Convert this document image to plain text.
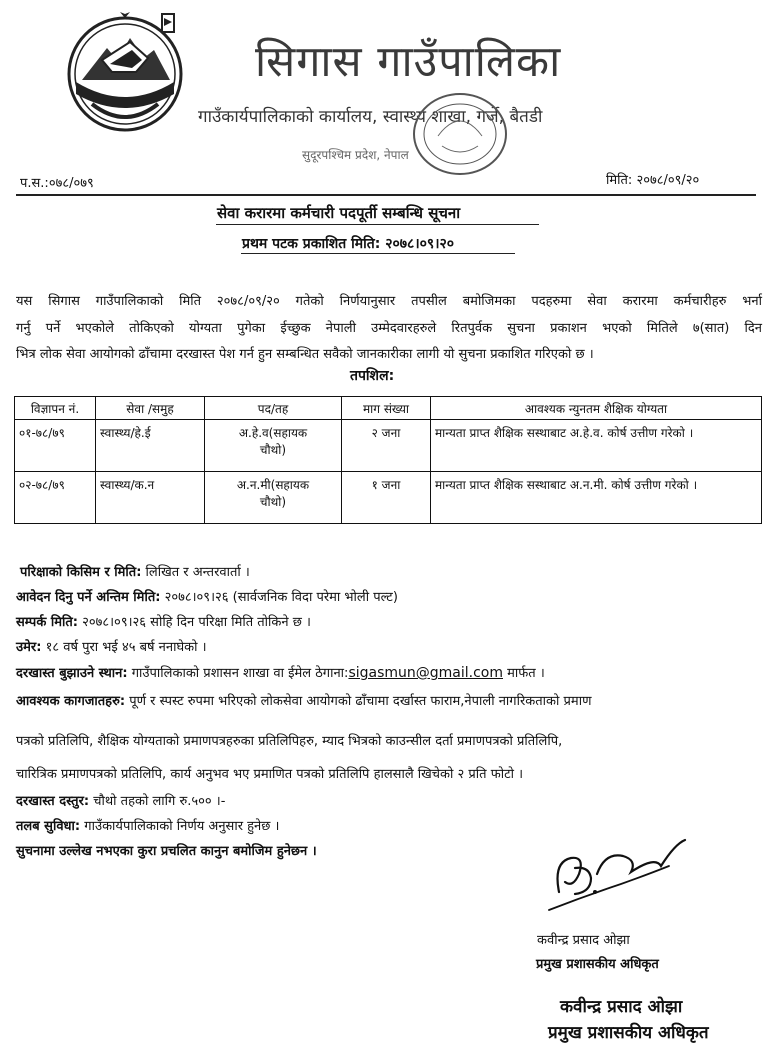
सिगास गाउँपालिका
गाउँकार्यपालिकाको कार्यालय, स्वास्थ्य शाखा, गर्जे, बैतडी
सुदूरपश्चिम प्रदेश, नेपाल
प.स.:०७८/०७९	मिति: २०७८/०९/२०
सेवा करारमा कर्मचारी पदपूर्ती सम्बन्धि सूचना
प्रथम पटक प्रकाशित मिति: २०७८।०९।२०
यस सिगास गाउँपालिकाको मिति २०७८/०९/२० गतेको निर्णयानुसार तपसील बमोजिमका पदहरुमा सेवा करारमा कर्मचारीहरु भर्ना
गर्नु पर्ने भएकोले तोकिएको योग्यता पुगेका ईच्छुक नेपाली उम्मेदवारहरुले रितपुर्वक सुचना प्रकाशन भएको मितिले ७(सात) दिन
भित्र लोक सेवा आयोगको ढाँचामा दरखास्त पेश गर्न हुन सम्बन्धित सवैको जानकारीका लागी यो सुचना प्रकाशित गरिएको छ ।
तपशिल:
विज्ञापन नं.	सेवा /समुह	पद/तह	माग संख्या	आवश्यक न्युनतम शैक्षिक योग्यता
०१-७८/७९	स्वास्थ्य/हे.ई	अ.हे.व(सहायक
चौथो)	२ जना	मान्यता प्राप्त शैक्षिक सस्थाबाट अ.हे.व. कोर्ष उत्तीण गरेको ।
०२-७८/७९	स्वास्थ्य/क.न	अ.न.मी(सहायक
चौथो)	१ जना	मान्यता प्राप्त शैक्षिक सस्थाबाट अ.न.मी. कोर्ष उत्तीण गरेको ।
परिक्षाको किसिम र मिति: लिखित र अन्तरवार्ता ।
आवेदन दिनु पर्ने अन्तिम मिति: २०७८।०९।२६ (सार्वजनिक विदा परेमा भोली पल्ट)
सम्पर्क मिति: २०७८।०९।२६ सोहि दिन परिक्षा मिति तोकिने छ ।
उमेर: १८ वर्ष पुरा भई ४५ बर्ष ननाघेको ।
दरखास्त बुझाउने स्थान: गाउँपालिकाको प्रशासन शाखा वा ईमेल ठेगाना:sigasmun@gmail.com मार्फत ।
आवश्यक कागजातहरु: पूर्ण र स्पस्ट रुपमा भरिएको लोकसेवा आयोगको ढाँचामा दर्खास्त फाराम,नेपाली नागरिकताको प्रमाण
पत्रको प्रतिलिपि, शैक्षिक योग्यताको प्रमाणपत्रहरुका प्रतिलिपिहरु, म्याद भित्रको काउन्सील दर्ता प्रमाणपत्रको प्रतिलिपि,
चारित्रिक प्रमाणपत्रको प्रतिलिपि, कार्य अनुभव भए प्रमाणित पत्रको प्रतिलिपि हालसालै खिचेको २ प्रति फोटो ।
दरखास्त दस्तुर: चौथो तहको लागि रु.५०० ।-
तलब सुविधा: गाउँकार्यपालिकाको निर्णय अनुसार हुनेछ ।
सुचनामा उल्लेख नभएका कुरा प्रचलित कानुन बमोजिम हुनेछन ।
कवीन्द्र प्रसाद ओझा
प्रमुख प्रशासकीय अधिकृत
कवीन्द्र प्रसाद ओझा
प्रमुख प्रशासकीय अधिकृत
